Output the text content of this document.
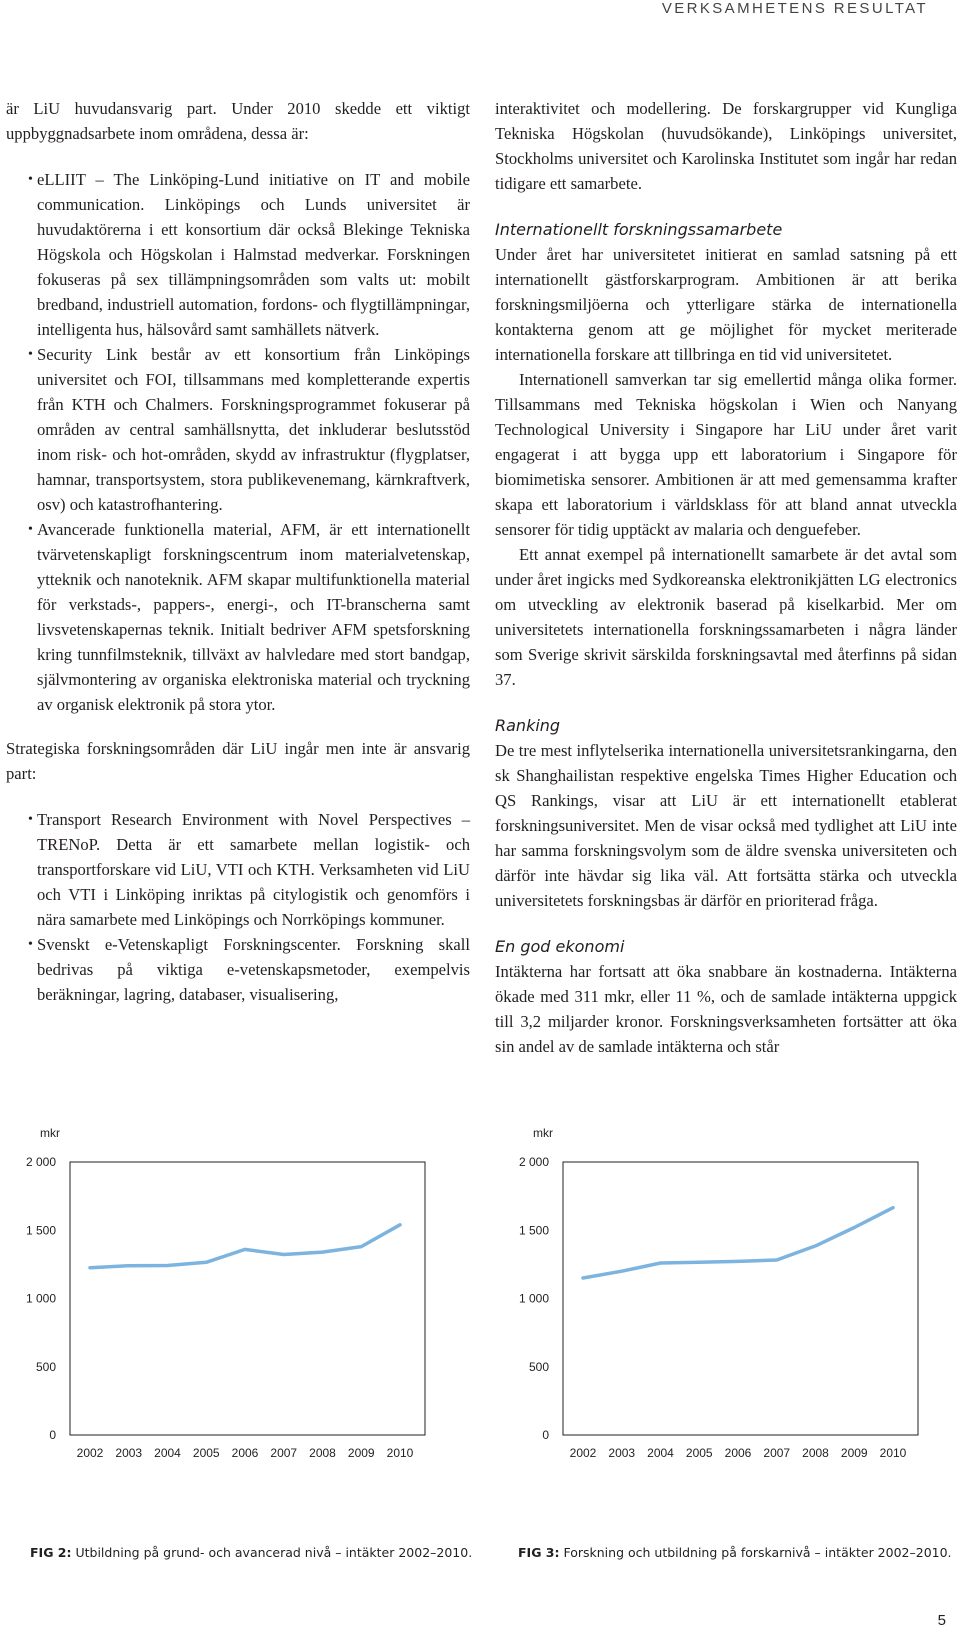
VERKSAMHETENS RESULTAT

är LiU huvudansvarig part. Under 2010 skedde ett viktigt uppbyggnadsarbete inom områdena, dessa är:

• eLLIIT – The Linköping-Lund initiative on IT and mobile communication. Linköpings och Lunds universitet är huvudaktörerna i ett konsortium där också Blekinge Tekniska Högskola och Högskolan i Halmstad medverkar. Forskningen fokuseras på sex tillämpningsområden som valts ut: mobilt bredband, industriell automation, fordons- och flygtillämpningar, intelligenta hus, hälsovård samt samhällets nätverk.
• Security Link består av ett konsortium från Linköpings universitet och FOI, tillsammans med kompletterande expertis från KTH och Chalmers. Forskningsprogrammet fokuserar på områden av central samhällsnytta, det inkluderar beslutsstöd inom risk- och hot-områden, skydd av infrastruktur (flygplatser, hamnar, transportsystem, stora publikevenemang, kärnkraftverk, osv) och katastrofhantering.
• Avancerade funktionella material, AFM, är ett internationellt tvärvetenskapligt forskningscentrum inom materialvetenskap, ytteknik och nanoteknik. AFM skapar multifunktionella material för verkstads-, pappers-, energi-, och IT-branscherna samt livsvetenskapernas teknik. Initialt bedriver AFM spetsforskning kring tunnfilmsteknik, tillväxt av halvledare med stort bandgap, självmontering av organiska elektroniska material och tryckning av organisk elektronik på stora ytor.

Strategiska forskningsområden där LiU ingår men inte är ansvarig part:

• Transport Research Environment with Novel Perspectives – TRENoP. Detta är ett samarbete mellan logistik- och transportforskare vid LiU, VTI och KTH. Verksamheten vid LiU och VTI i Linköping inriktas på citylogistik och genomförs i nära samarbete med Linköpings och Norrköpings kommuner.
• Svenskt e-Vetenskapligt Forskningscenter. Forskning skall bedrivas på viktiga e-vetenskapsmetoder, exempelvis beräkningar, lagring, databaser, visualisering,

interaktivitet och modellering. De forskargrupper vid Kungliga Tekniska Högskolan (huvudsökande), Linköpings universitet, Stockholms universitet och Karolinska Institutet som ingår har redan tidigare ett samarbete.

Internationellt forskningssamarbete

Under året har universitetet initierat en samlad satsning på ett internationellt gästforskarprogram. Ambitionen är att berika forskningsmiljöerna och ytterligare stärka de internationella kontakterna genom att ge möjlighet för mycket meriterade internationella forskare att tillbringa en tid vid universitetet.

Internationell samverkan tar sig emellertid många olika former. Tillsammans med Tekniska högskolan i Wien och Nanyang Technological University i Singapore har LiU under året varit engagerat i att bygga upp ett laboratorium i Singapore för biomimetiska sensorer. Ambitionen är att med gemensamma krafter skapa ett laboratorium i världsklass för att bland annat utveckla sensorer för tidig upptäckt av malaria och denguefeber.

Ett annat exempel på internationellt samarbete är det avtal som under året ingicks med Sydkoreanska elektronikjätten LG electronics om utveckling av elektronik baserad på kiselkarbid. Mer om universitetets internationella forskningssamarbeten i några länder som Sverige skrivit särskilda forskningsavtal med återfinns på sidan 37.

Ranking

De tre mest inflytelserika internationella universitetsrankingarna, den sk Shanghailistan respektive engelska Times Higher Education och QS Rankings, visar att LiU är ett internationellt etablerat forskningsuniversitet. Men de visar också med tydlighet att LiU inte har samma forskningsvolym som de äldre svenska universiteten och därför inte hävdar sig lika väl. Att fortsätta stärka och utveckla universitetets forskningsbas är därför en prioriterad fråga.

En god ekonomi

Intäkterna har fortsatt att öka snabbare än kostnaderna. Intäkterna ökade med 311 mkr, eller 11 %, och de samlade intäkterna uppgick till 3,2 miljarder kronor. Forskningsverksamheten fortsätter att öka sin andel av de samlade intäkterna och står

mkr
0
500
1 000
1 500
2 000
2002 2003 2004 2005 2006 2007 2008 2009 2010
mkr
0
500
1 000
1 500
2 000
2002 2003 2004 2005 2006 2007 2008 2009 2010
FIG 2: Utbildning på grund- och avancerad nivå – intäkter 2002–2010.	FIG 3: Forskning och utbildning på forskarnivå – intäkter 2002–2010.
5
